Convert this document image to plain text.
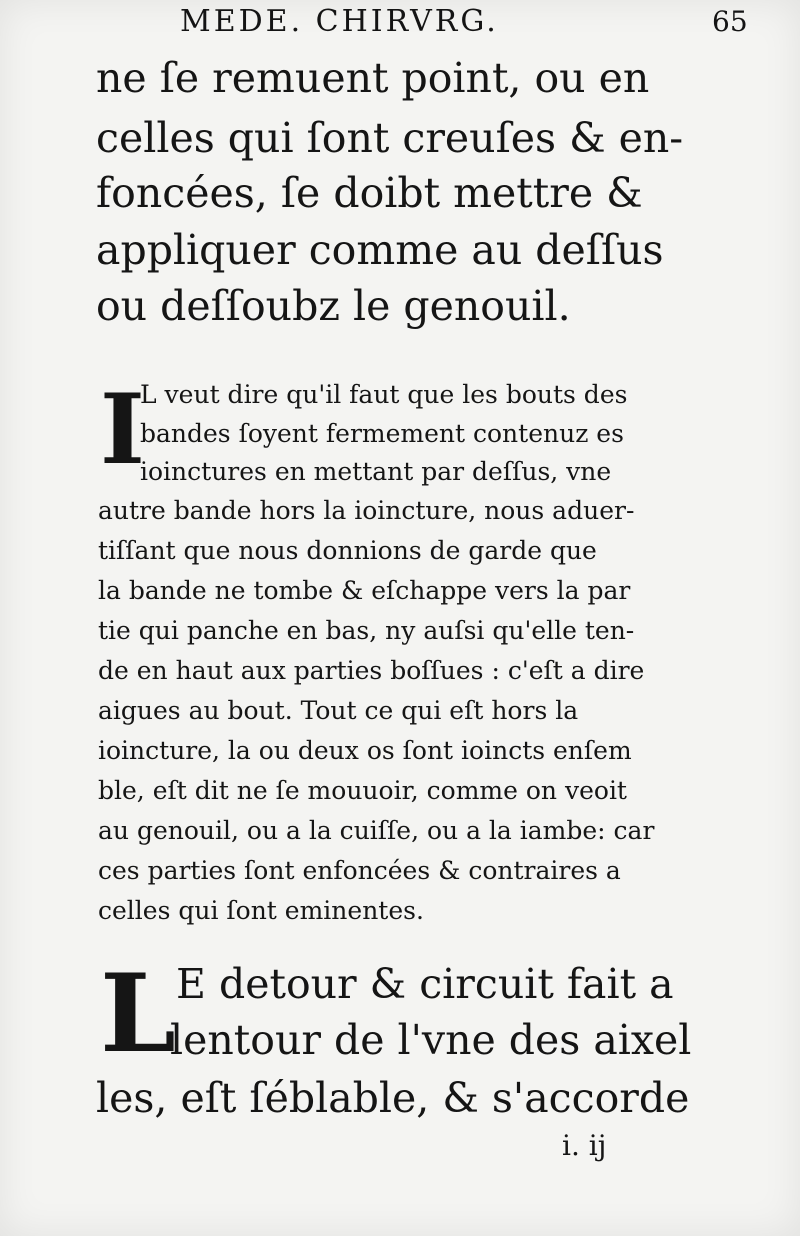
MEDE. CHIRVRG.	65
ne ſe remuent point, ou en
celles qui ſont creuſes & en-
foncées, ſe doibt mettre &
appliquer comme au deſſus
ou deſſoubz le genouil.
I
L veut dire qu'il faut que les bouts des
bandes ſoyent fermement contenuz es
ioinctures en mettant par deſſus, vne
autre bande hors la ioincture, nous aduer-
tiſſant que nous donnions de garde que
la bande ne tombe & eſchappe vers la par
tie qui panche en bas, ny auſsi qu'elle ten-
de en haut aux parties boſſues : c'eſt a dire
aigues au bout. Tout ce qui eſt hors la
ioincture, la ou deux os ſont ioincts enſem
ble, eſt dit ne ſe mouuoir, comme on veoit
au genouil, ou a la cuiſſe, ou a la iambe: car
ces parties ſont enfoncées & contraires a
celles qui ſont eminentes.
L E detour & circuit fait a
lentour de l'vne des aixel
les, eſt ſéblable, & s'accorde
i. ij
